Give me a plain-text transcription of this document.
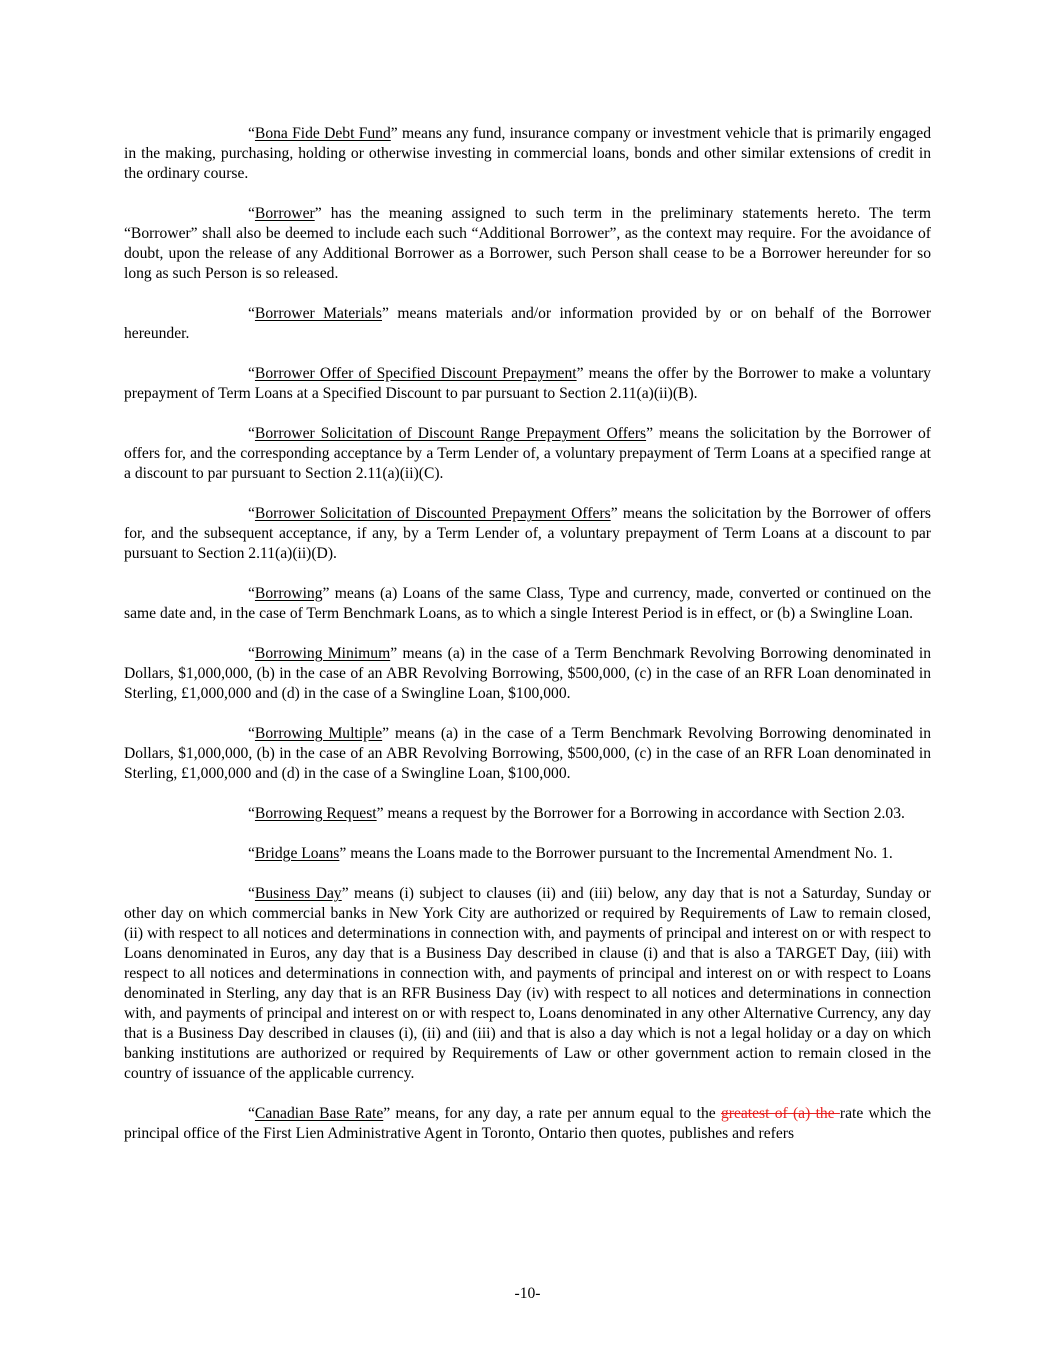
“Bona Fide Debt Fund” means any fund, insurance company or investment vehicle that is primarily engaged in the making, purchasing, holding or otherwise investing in commercial loans, bonds and other similar extensions of credit in the ordinary course.

“Borrower” has the meaning assigned to such term in the preliminary statements hereto. The term “Borrower” shall also be deemed to include each such “Additional Borrower”, as the context may require. For the avoidance of doubt, upon the release of any Additional Borrower as a Borrower, such Person shall cease to be a Borrower hereunder for so long as such Person is so released.

“Borrower Materials” means materials and/or information provided by or on behalf of the Borrower hereunder.

“Borrower Offer of Specified Discount Prepayment” means the offer by the Borrower to make a voluntary prepayment of Term Loans at a Specified Discount to par pursuant to Section 2.11(a)(ii)(B).

“Borrower Solicitation of Discount Range Prepayment Offers” means the solicitation by the Borrower of offers for, and the corresponding acceptance by a Term Lender of, a voluntary prepayment of Term Loans at a specified range at a discount to par pursuant to Section 2.11(a)(ii)(C).

“Borrower Solicitation of Discounted Prepayment Offers” means the solicitation by the Borrower of offers for, and the subsequent acceptance, if any, by a Term Lender of, a voluntary prepayment of Term Loans at a discount to par pursuant to Section 2.11(a)(ii)(D).

“Borrowing” means (a) Loans of the same Class, Type and currency, made, converted or continued on the same date and, in the case of Term Benchmark Loans, as to which a single Interest Period is in effect, or (b) a Swingline Loan.

“Borrowing Minimum” means (a) in the case of a Term Benchmark Revolving Borrowing denominated in Dollars, $1,000,000, (b) in the case of an ABR Revolving Borrowing, $500,000, (c) in the case of an RFR Loan denominated in Sterling, £1,000,000 and (d) in the case of a Swingline Loan, $100,000.

“Borrowing Multiple” means (a) in the case of a Term Benchmark Revolving Borrowing denominated in Dollars, $1,000,000, (b) in the case of an ABR Revolving Borrowing, $500,000, (c) in the case of an RFR Loan denominated in Sterling, £1,000,000 and (d) in the case of a Swingline Loan, $100,000.

“Borrowing Request” means a request by the Borrower for a Borrowing in accordance with Section 2.03.

“Bridge Loans” means the Loans made to the Borrower pursuant to the Incremental Amendment No. 1.

“Business Day” means (i) subject to clauses (ii) and (iii) below, any day that is not a Saturday, Sunday or other day on which commercial banks in New York City are authorized or required by Requirements of Law to remain closed, (ii) with respect to all notices and determinations in connection with, and payments of principal and interest on or with respect to Loans denominated in Euros, any day that is a Business Day described in clause (i) and that is also a TARGET Day, (iii) with respect to all notices and determinations in connection with, and payments of principal and interest on or with respect to Loans denominated in Sterling, any day that is an RFR Business Day (iv) with respect to all notices and determinations in connection with, and payments of principal and interest on or with respect to, Loans denominated in any other Alternative Currency, any day that is a Business Day described in clauses (i), (ii) and (iii) and that is also a day which is not a legal holiday or a day on which banking institutions are authorized or required by Requirements of Law or other government action to remain closed in the country of issuance of the applicable currency.

“Canadian Base Rate” means, for any day, a rate per annum equal to the greatest of (a) the rate which the principal office of the First Lien Administrative Agent in Toronto, Ontario then quotes, publishes and refers

-10-
